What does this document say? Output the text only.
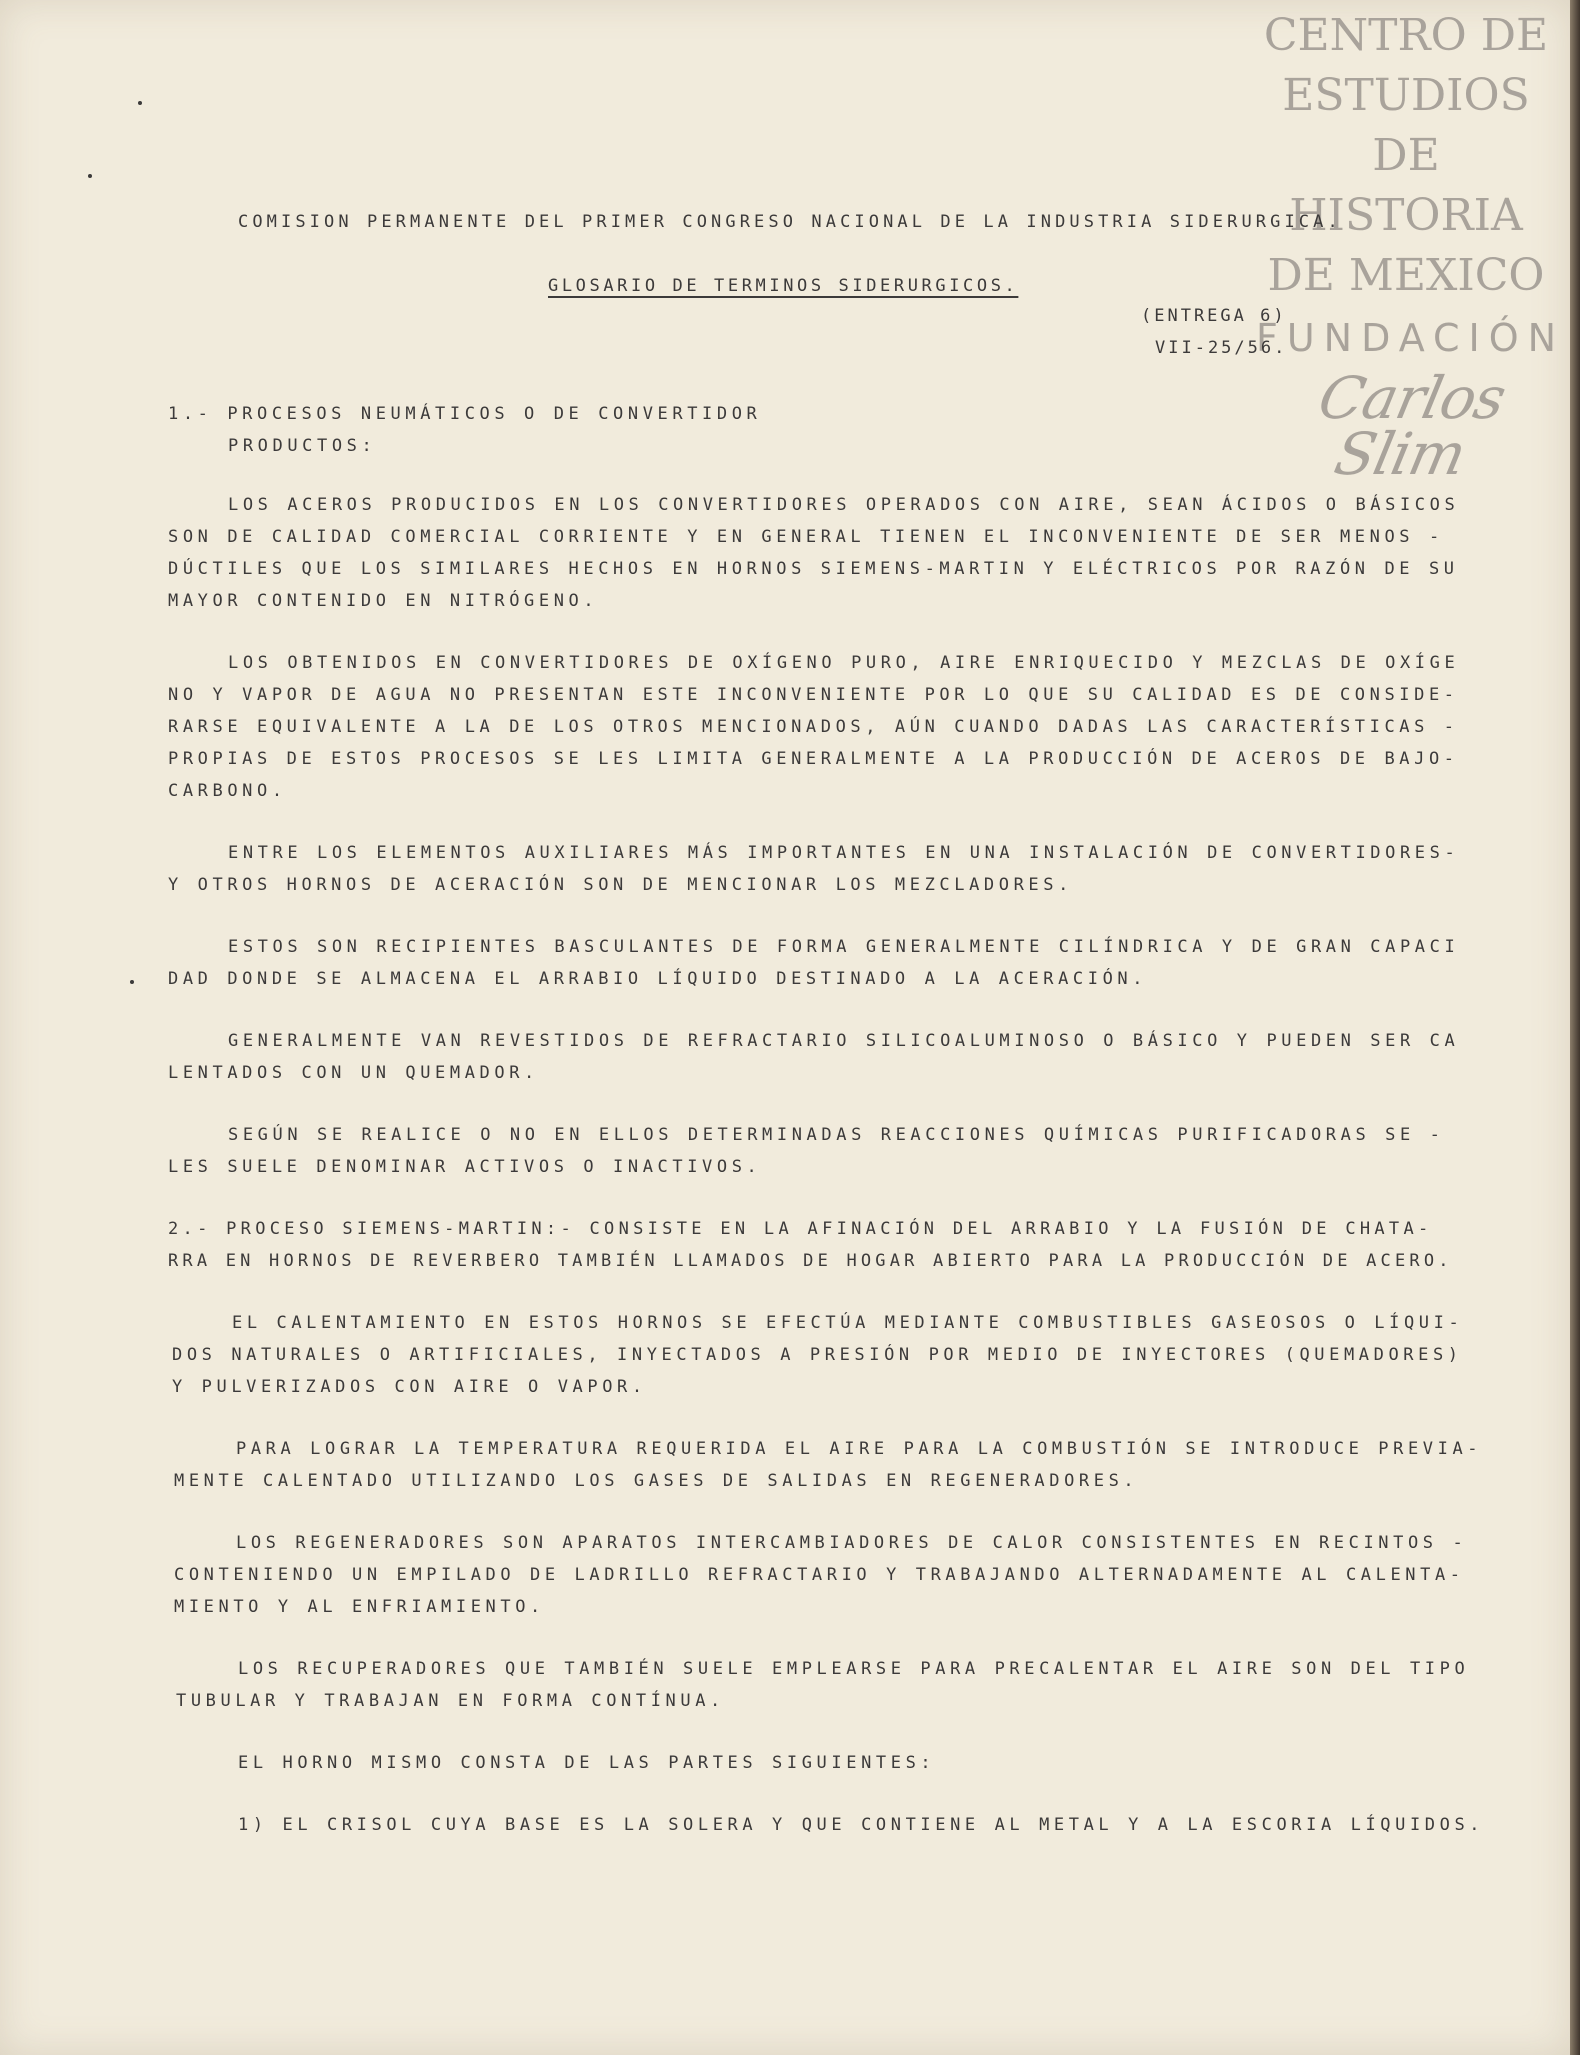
CENTRO DE
ESTUDIOS
DE HISTORIA
DE MEXICO
FUNDACIÓN
Carlos Slim
COMISION PERMANENTE DEL PRIMER CONGRESO NACIONAL DE LA INDUSTRIA SIDERURGICA.
GLOSARIO DE TERMINOS SIDERURGICOS.
(ENTREGA 6)
VII-25/56.
1.- PROCESOS NEUMÁTICOS O DE CONVERTIDOR
PRODUCTOS:
LOS ACEROS PRODUCIDOS EN LOS CONVERTIDORES OPERADOS CON AIRE, SEAN ÁCIDOS O BÁSICOS
SON DE CALIDAD COMERCIAL CORRIENTE Y EN GENERAL TIENEN EL INCONVENIENTE DE SER MENOS -
DÚCTILES QUE LOS SIMILARES HECHOS EN HORNOS SIEMENS-MARTIN Y ELÉCTRICOS POR RAZÓN DE SU
MAYOR CONTENIDO EN NITRÓGENO.
LOS OBTENIDOS EN CONVERTIDORES DE OXÍGENO PURO, AIRE ENRIQUECIDO Y MEZCLAS DE OXÍGE
NO Y VAPOR DE AGUA NO PRESENTAN ESTE INCONVENIENTE POR LO QUE SU CALIDAD ES DE CONSIDE-
RARSE EQUIVALENTE A LA DE LOS OTROS MENCIONADOS, AÚN CUANDO DADAS LAS CARACTERÍSTICAS -
PROPIAS DE ESTOS PROCESOS SE LES LIMITA GENERALMENTE A LA PRODUCCIÓN DE ACEROS DE BAJO-
CARBONO.
ENTRE LOS ELEMENTOS AUXILIARES MÁS IMPORTANTES EN UNA INSTALACIÓN DE CONVERTIDORES-
Y OTROS HORNOS DE ACERACIÓN SON DE MENCIONAR LOS MEZCLADORES.
ESTOS SON RECIPIENTES BASCULANTES DE FORMA GENERALMENTE CILÍNDRICA Y DE GRAN CAPACI
DAD DONDE SE ALMACENA EL ARRABIO LÍQUIDO DESTINADO A LA ACERACIÓN.
GENERALMENTE VAN REVESTIDOS DE REFRACTARIO SILICOALUMINOSO O BÁSICO Y PUEDEN SER CA
LENTADOS CON UN QUEMADOR.
SEGÚN SE REALICE O NO EN ELLOS DETERMINADAS REACCIONES QUÍMICAS PURIFICADORAS SE -
LES SUELE DENOMINAR ACTIVOS O INACTIVOS.
2.- PROCESO SIEMENS-MARTIN:- CONSISTE EN LA AFINACIÓN DEL ARRABIO Y LA FUSIÓN DE CHATA-
RRA EN HORNOS DE REVERBERO TAMBIÉN LLAMADOS DE HOGAR ABIERTO PARA LA PRODUCCIÓN DE ACERO.
EL CALENTAMIENTO EN ESTOS HORNOS SE EFECTÚA MEDIANTE COMBUSTIBLES GASEOSOS O LÍQUI-
DOS NATURALES O ARTIFICIALES, INYECTADOS A PRESIÓN POR MEDIO DE INYECTORES (QUEMADORES)
Y PULVERIZADOS CON AIRE O VAPOR.
PARA LOGRAR LA TEMPERATURA REQUERIDA EL AIRE PARA LA COMBUSTIÓN SE INTRODUCE PREVIA-
MENTE CALENTADO UTILIZANDO LOS GASES DE SALIDAS EN REGENERADORES.
LOS REGENERADORES SON APARATOS INTERCAMBIADORES DE CALOR CONSISTENTES EN RECINTOS -
CONTENIENDO UN EMPILADO DE LADRILLO REFRACTARIO Y TRABAJANDO ALTERNADAMENTE AL CALENTA-
MIENTO Y AL ENFRIAMIENTO.
LOS RECUPERADORES QUE TAMBIÉN SUELE EMPLEARSE PARA PRECALENTAR EL AIRE SON DEL TIPO
TUBULAR Y TRABAJAN EN FORMA CONTÍNUA.
EL HORNO MISMO CONSTA DE LAS PARTES SIGUIENTES:
1) EL CRISOL CUYA BASE ES LA SOLERA Y QUE CONTIENE AL METAL Y A LA ESCORIA LÍQUIDOS.
